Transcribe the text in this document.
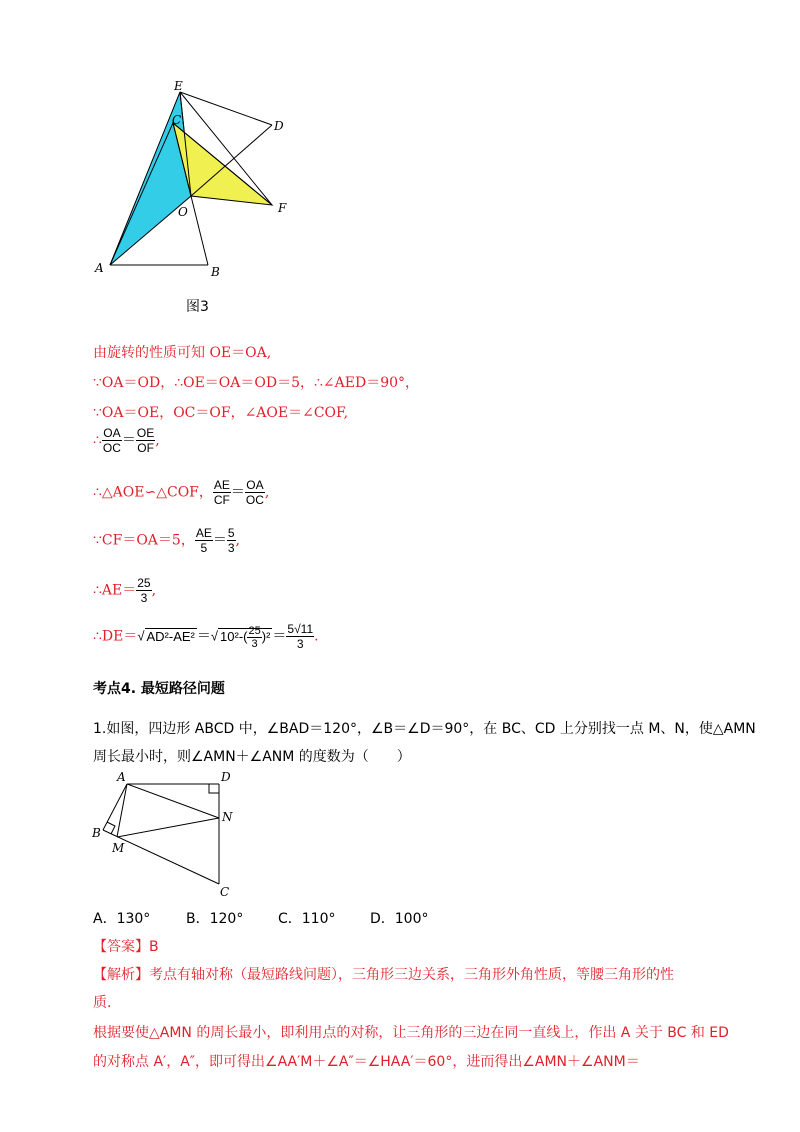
E
C	D
O	F
A	B
图3
由旋转的性质可知 OE＝OA,
∵OA＝OD，∴OE＝OA＝OD＝5，∴∠AED＝90°，
∵OA＝OE，OC＝OF，∠AOE＝∠COF,
∴ $\frac{OA}{OC} = \frac{OE}{OF}$ ,
∴△AOE∽△COF， $\frac{AE}{CF} = \frac{OA}{OC}$ ,
∵CF＝OA＝5， $\frac{AE}{5} = \frac{5}{3}$ ,
∴AE＝ $\frac{25}{3}$ ,
∴DE＝√ AD²-AE² ＝√ $10^2-( \frac{25}{3} )^2 = \frac{5√11}{3}$ .
考点4. 最短路径问题
1.如图，四边形 ABCD 中，∠BAD＝120°，∠B＝∠D＝90°，在 BC、CD 上分别找一点 M、N，使△AMN
周长最小时，则∠AMN＋∠ANM 的度数为（　　）
A	D
N
B
M
C
A．130°	B．120° C．110° D．100°
【答案】B
【解析】考点有轴对称（最短路线问题），三角形三边关系，三角形外角性质，等腰三角形的性
质．
根据要使△AMN 的周长最小，即利用点的对称，让三角形的三边在同一直线上，作出 A 关于 BC 和 ED
的对称点 A′，A″，即可得出∠AA′M＋∠A″＝∠HAA′＝60°，进而得出∠AMN＋∠ANM＝
